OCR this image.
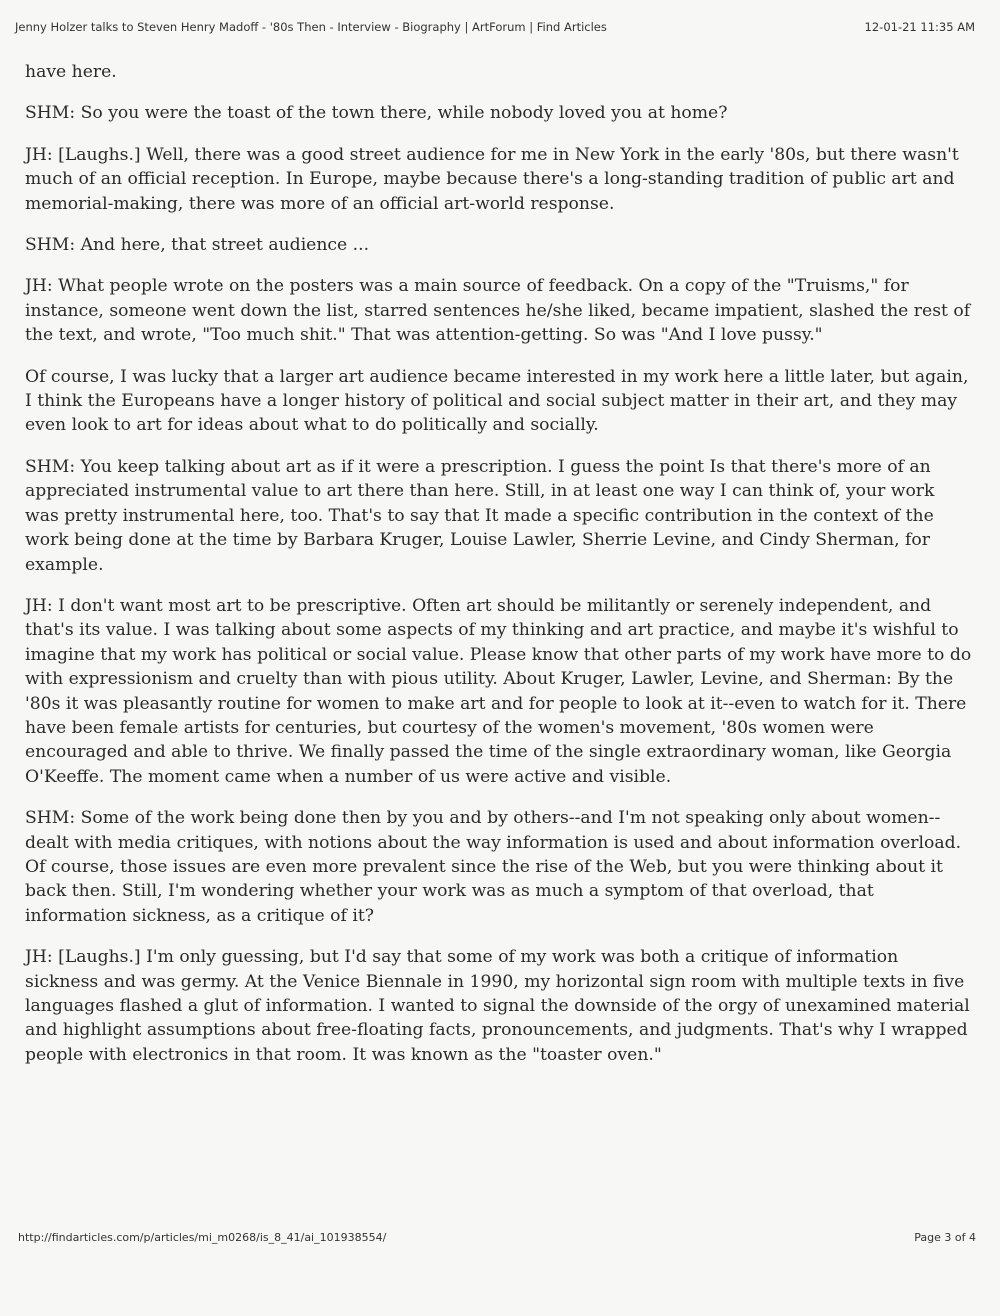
Jenny Holzer talks to Steven Henry Madoff - '80s Then - Interview - Biography | ArtForum | Find Articles	12-01-21 11:35 AM

have here.

SHM: So you were the toast of the town there, while nobody loved you at home?

JH: [Laughs.] Well, there was a good street audience for me in New York in the early '80s, but there wasn't much of an official reception. In Europe, maybe because there's a long-standing tradition of public art and memorial-making, there was more of an official art-world response.

SHM: And here, that street audience ...

JH: What people wrote on the posters was a main source of feedback. On a copy of the "Truisms," for instance, someone went down the list, starred sentences he/she liked, became impatient, slashed the rest of the text, and wrote, "Too much shit." That was attention-getting. So was "And I love pussy."

Of course, I was lucky that a larger art audience became interested in my work here a little later, but again, I think the Europeans have a longer history of political and social subject matter in their art, and they may even look to art for ideas about what to do politically and socially.

SHM: You keep talking about art as if it were a prescription. I guess the point Is that there's more of an appreciated instrumental value to art there than here. Still, in at least one way I can think of, your work was pretty instrumental here, too. That's to say that It made a specific contribution in the context of the work being done at the time by Barbara Kruger, Louise Lawler, Sherrie Levine, and Cindy Sherman, for example.

JH: I don't want most art to be prescriptive. Often art should be militantly or serenely independent, and that's its value. I was talking about some aspects of my thinking and art practice, and maybe it's wishful to imagine that my work has political or social value. Please know that other parts of my work have more to do with expressionism and cruelty than with pious utility. About Kruger, Lawler, Levine, and Sherman: By the '80s it was pleasantly routine for women to make art and for people to look at it--even to watch for it. There have been female artists for centuries, but courtesy of the women's movement, '80s women were encouraged and able to thrive. We finally passed the time of the single extraordinary woman, like Georgia O'Keeffe. The moment came when a number of us were active and visible.

SHM: Some of the work being done then by you and by others--and I'm not speaking only about women--dealt with media critiques, with notions about the way information is used and about information overload. Of course, those issues are even more prevalent since the rise of the Web, but you were thinking about it back then. Still, I'm wondering whether your work was as much a symptom of that overload, that information sickness, as a critique of it?

JH: [Laughs.] I'm only guessing, but I'd say that some of my work was both a critique of information sickness and was germy. At the Venice Biennale in 1990, my horizontal sign room with multiple texts in five languages flashed a glut of information. I wanted to signal the downside of the orgy of unexamined material and highlight assumptions about free-floating facts, pronouncements, and judgments. That's why I wrapped people with electronics in that room. It was known as the "toaster oven."

http://findarticles.com/p/articles/mi_m0268/is_8_41/ai_101938554/	Page 3 of 4
